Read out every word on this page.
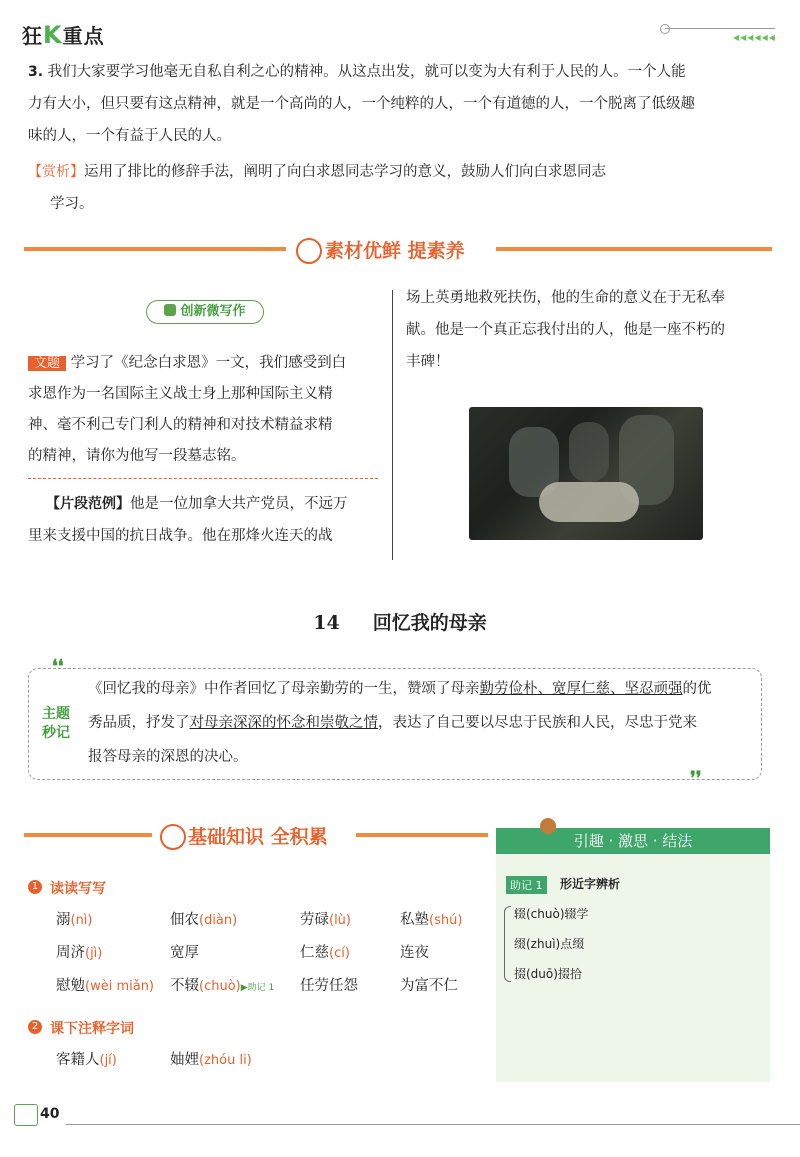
狂K重点	◀◀◀◀◀◀
3. 我们大家要学习他毫无自私自利之心的精神。从这点出发，就可以变为大有利于人民的人。一个人能
力有大小，但只要有这点精神，就是一个高尚的人，一个纯粹的人，一个有道德的人，一个脱离了低级趣
味的人，一个有益于人民的人。
【赏析】运用了排比的修辞手法，阐明了向白求恩同志学习的意义，鼓励人们向白求恩同志
学习。
素材优鲜 提素养
创新微写作
文题 学习了《纪念白求恩》一文，我们感受到白
求恩作为一名国际主义战士身上那种国际主义精
神、毫不利己专门利人的精神和对技术精益求精
的精神，请你为他写一段墓志铭。
【片段范例】他是一位加拿大共产党员，不远万
里来支援中国的抗日战争。他在那烽火连天的战
场上英勇地救死扶伤，他的生命的意义在于无私奉
献。他是一个真正忘我付出的人，他是一座不朽的
丰碑！
14 回忆我的母亲
❛❛
❜❜
主题
秒记
《回忆我的母亲》中作者回忆了母亲勤劳的一生，赞颂了母亲勤劳俭朴、宽厚仁慈、坚忍顽强的优
秀品质，抒发了对母亲深深的怀念和崇敬之情，表达了自己要以尽忠于民族和人民，尽忠于党来
报答母亲的深恩的决心。
基础知识 全积累
1 读读写写
溺(nì)	佃农(diàn)	劳碌(lù)	私塾(shú)
周济(jì)	宽厚	仁慈(cí)	连夜
慰勉(wèi miǎn) 不辍(chuò)▶助记 1 任劳任怨	为富不仁
2 课下注释字词
客籍人(jí)	妯娌(zhóu li)
引趣 · 激思 · 结法
助记 1	形近字辨析
辍(chuò)辍学
缀(zhuì)点缀
掇(duō)掇拾
40
